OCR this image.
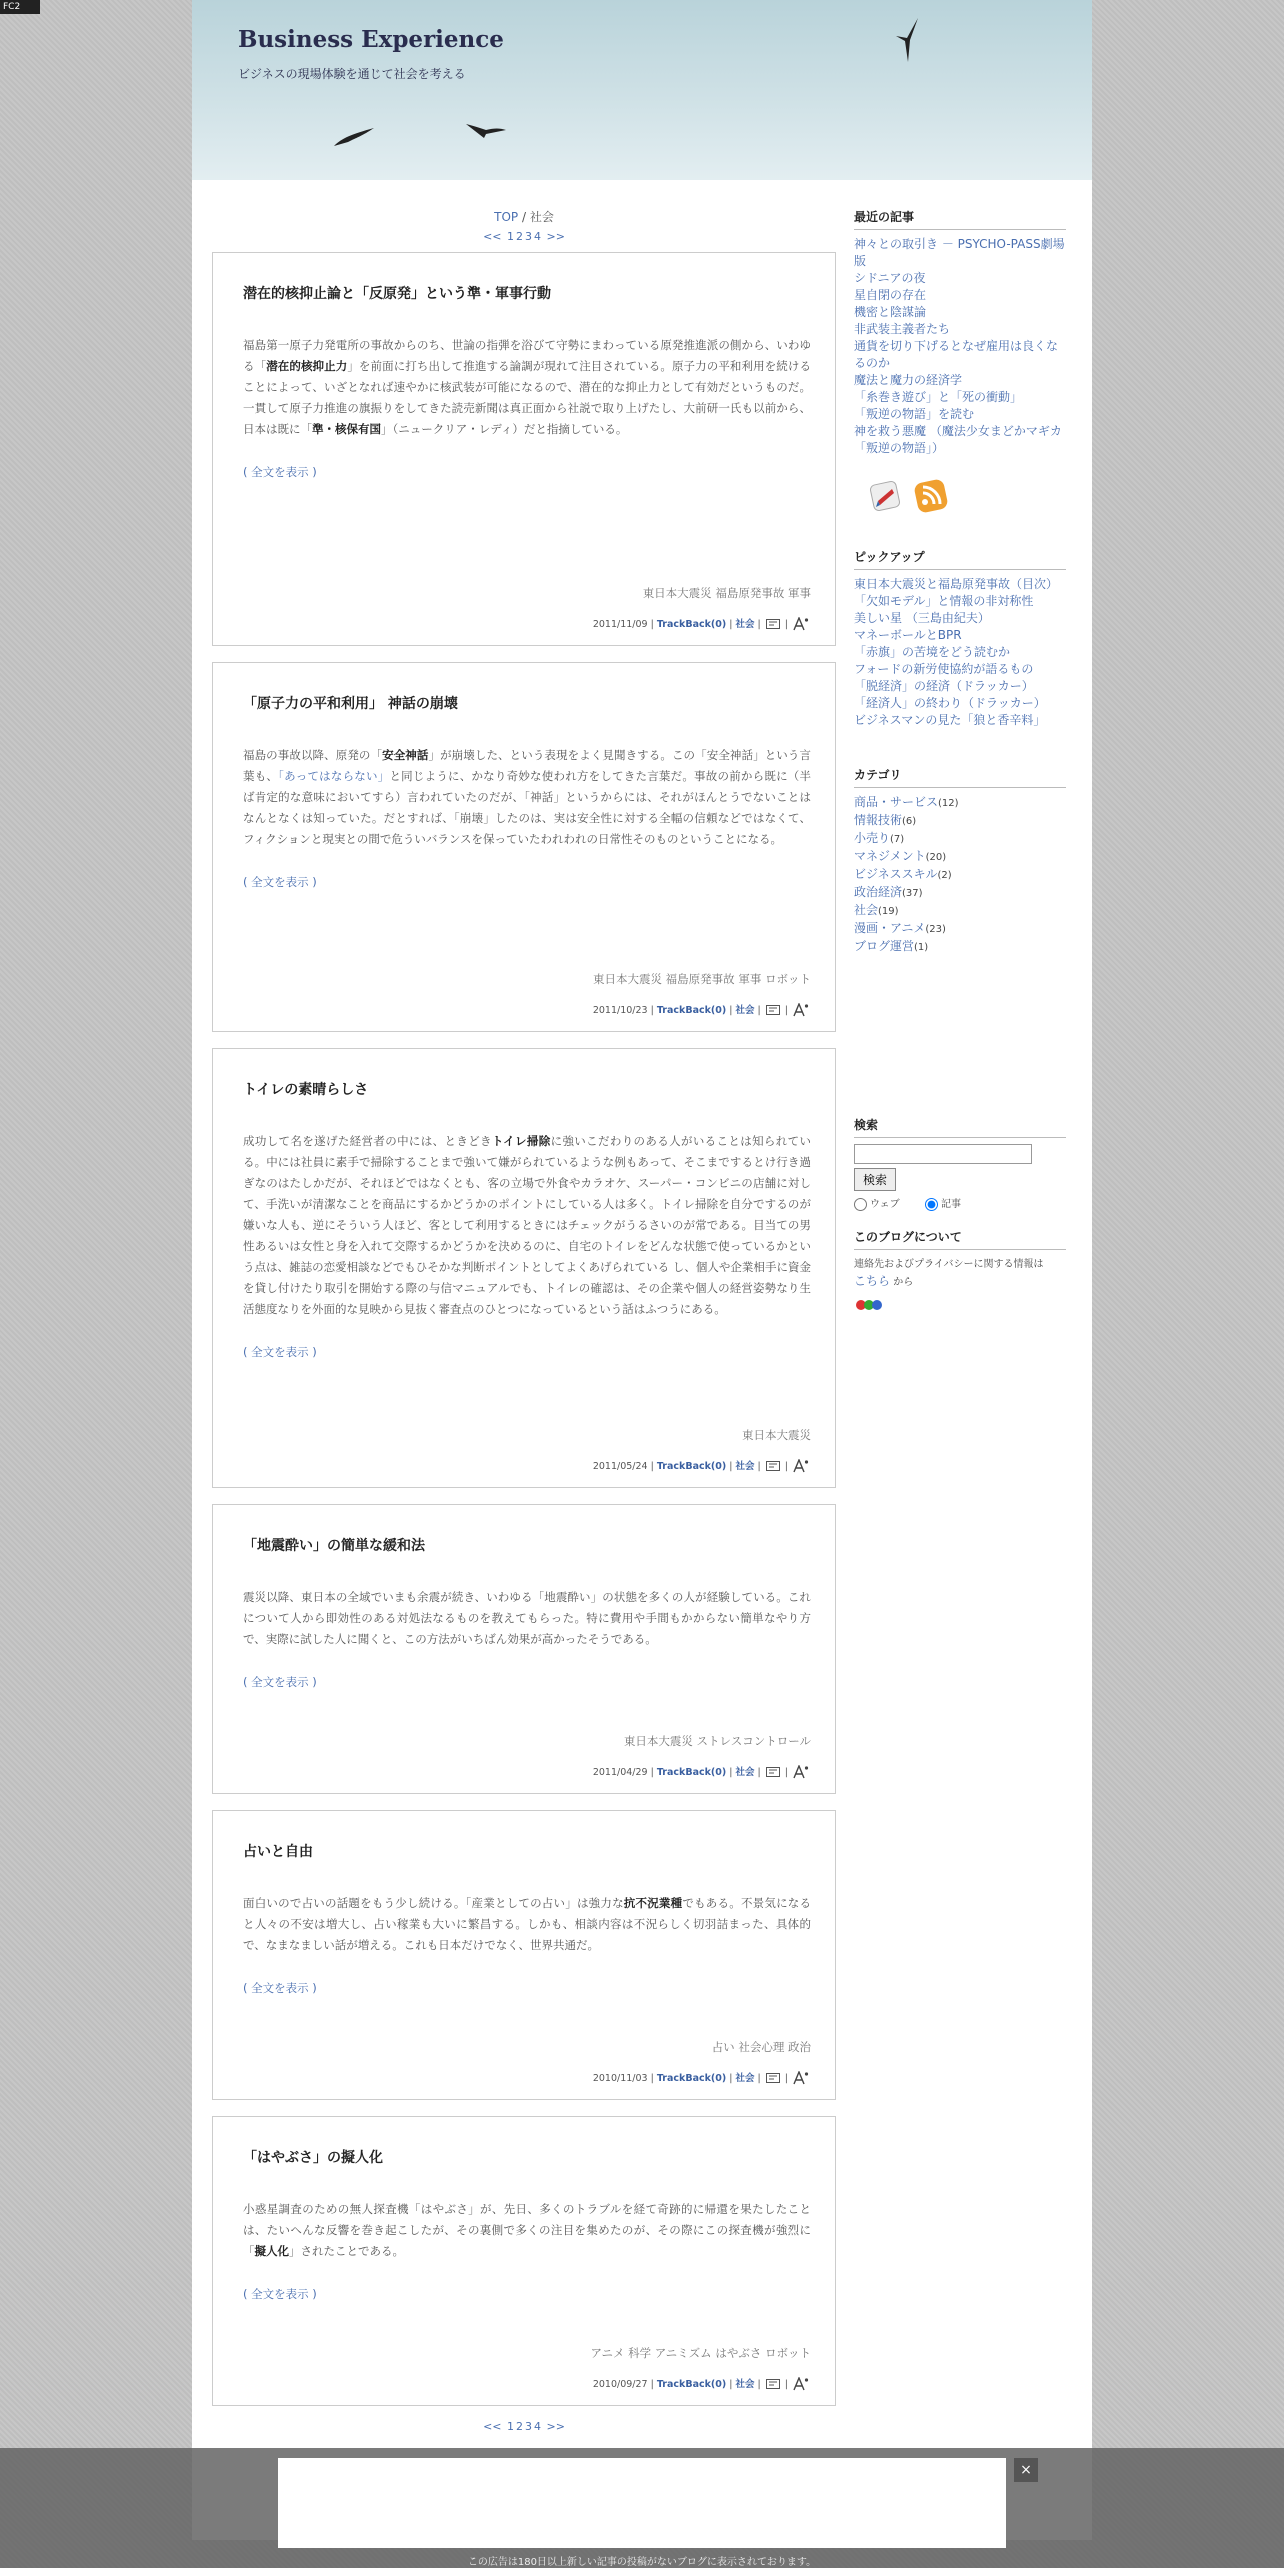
FC2
Business Experience
ビジネスの現場体験を通じて社会を考える
TOP / 社会
<< 1 2 3 4 >>
潜在的核抑止論と「反原発」という準・軍事行動
福島第一原子力発電所の事故からのち、世論の指弾を浴びて守勢にまわっている原発推進派の側から、いわゆる「潜在的核抑止力」を前面に打ち出して推進する論調が現れて注目されている。原子力の平和利用を続けることによって、いざとなれば速やかに核武装が可能になるので、潜在的な抑止力として有効だというものだ。一貫して原子力推進の旗振りをしてきた読売新聞は真正面から社説で取り上げたし、大前研一氏も以前から、日本は既に「準・核保有国」（ニュークリア・レディ）だと指摘している。
( 全文を表示 )
東日本大震災 福島原発事故 軍事
2011/11/09 | TrackBack(0) | 社会 |  |
「原子力の平和利用」 神話の崩壊
福島の事故以降、原発の「安全神話」が崩壊した、という表現をよく見聞きする。この「安全神話」という言葉も、「あってはならない」と同じように、かなり奇妙な使われ方をしてきた言葉だ。事故の前から既に（半ば肯定的な意味においてすら）言われていたのだが、「神話」というからには、それがほんとうでないことはなんとなくは知っていた。だとすれば、「崩壊」したのは、実は安全性に対する全幅の信頼などではなくて、フィクションと現実との間で危ういバランスを保っていたわれわれの日常性そのものということになる。
( 全文を表示 )
東日本大震災 福島原発事故 軍事 ロボット
2011/10/23 | TrackBack(0) | 社会 |  |
トイレの素晴らしさ
成功して名を遂げた経営者の中には、ときどきトイレ掃除に強いこだわりのある人がいることは知られている。中には社員に素手で掃除することまで強いて嫌がられているような例もあって、そこまでするとけ行き過ぎなのはたしかだが、それほどではなくとも、客の立場で外食やカラオケ、スーパー・コンビニの店舗に対して、手洗いが清潔なことを商品にするかどうかのポイントにしている人は多く。トイレ掃除を自分でするのが嫌いな人も、逆にそういう人ほど、客として利用するときにはチェックがうるさいのが常である。目当ての男性あるいは女性と身を入れて交際するかどうかを決めるのに、自宅のトイレをどんな状態で使っているかという点は、雑誌の恋愛相談などでもひそかな判断ポイントとしてよくあげられている し、個人や企業相手に資金を貸し付けたり取引を開始する際の与信マニュアルでも、トイレの確認は、その企業や個人の経営姿勢なり生活態度なりを外面的な見映から見抜く審査点のひとつになっているという話はふつうにある。
( 全文を表示 )
東日本大震災
2011/05/24 | TrackBack(0) | 社会 |  |
「地震酔い」の簡単な緩和法
震災以降、東日本の全域でいまも余震が続き、いわゆる「地震酔い」の状態を多くの人が経験している。これについて人から即効性のある対処法なるものを教えてもらった。特に費用や手間もかからない簡単なやり方で、実際に試した人に聞くと、この方法がいちばん効果が高かったそうである。
( 全文を表示 )
東日本大震災 ストレスコントロール
2011/04/29 | TrackBack(0) | 社会 |  |
占いと自由
面白いので占いの話題をもう少し続ける。「産業としての占い」は強力な抗不況業種でもある。不景気になると人々の不安は増大し、占い稼業も大いに繁昌する。しかも、相談内容は不況らしく切羽詰まった、具体的で、なまなましい話が増える。これも日本だけでなく、世界共通だ。
( 全文を表示 )
占い 社会心理 政治
2010/11/03 | TrackBack(0) | 社会 |  |
「はやぶさ」の擬人化
小惑星調査のための無人探査機「はやぶさ」が、先日、多くのトラブルを経て奇跡的に帰還を果たしたことは、たいへんな反響を巻き起こしたが、その裏側で多くの注目を集めたのが、その際にこの探査機が強烈に「擬人化」されたことである。
( 全文を表示 )
アニメ 科学 アニミズム はやぶさ ロボット
2010/09/27 | TrackBack(0) | 社会 |  |
<< 1 2 3 4 >>
最近の記事
神々との取引き － PSYCHO-PASS劇場版
シドニアの夜
星自閉の存在
機密と陰謀論
非武装主義者たち
通貨を切り下げるとなぜ雇用は良くなるのか
魔法と魔力の経済学
「糸巻き遊び」と「死の衝動」
「叛逆の物語」を読む
神を救う悪魔 （魔法少女まどかマギカ「叛逆の物語」）
ピックアップ
東日本大震災と福島原発事故（目次）
「欠如モデル」と情報の非対称性
美しい星 （三島由紀夫）
マネーボールとBPR
「赤旗」の苦境をどう読むか
フォードの新労使協約が語るもの
「脱経済」の経済（ドラッカー）
「経済人」の終わり（ドラッカー）
ビジネスマンの見た「狼と香辛料」
カテゴリ
商品・サービス(12)
情報技術(6)
小売り(7)
マネジメント(20)
ビジネススキル(2)
政治経済(37)
社会(19)
漫画・アニメ(23)
ブログ運営(1)
検索
検索
ウェブ	記事
このブログについて
連絡先およびプライバシーに関する情報は
こちら から
×
この広告は180日以上新しい記事の投稿がないブログに表示されております。
